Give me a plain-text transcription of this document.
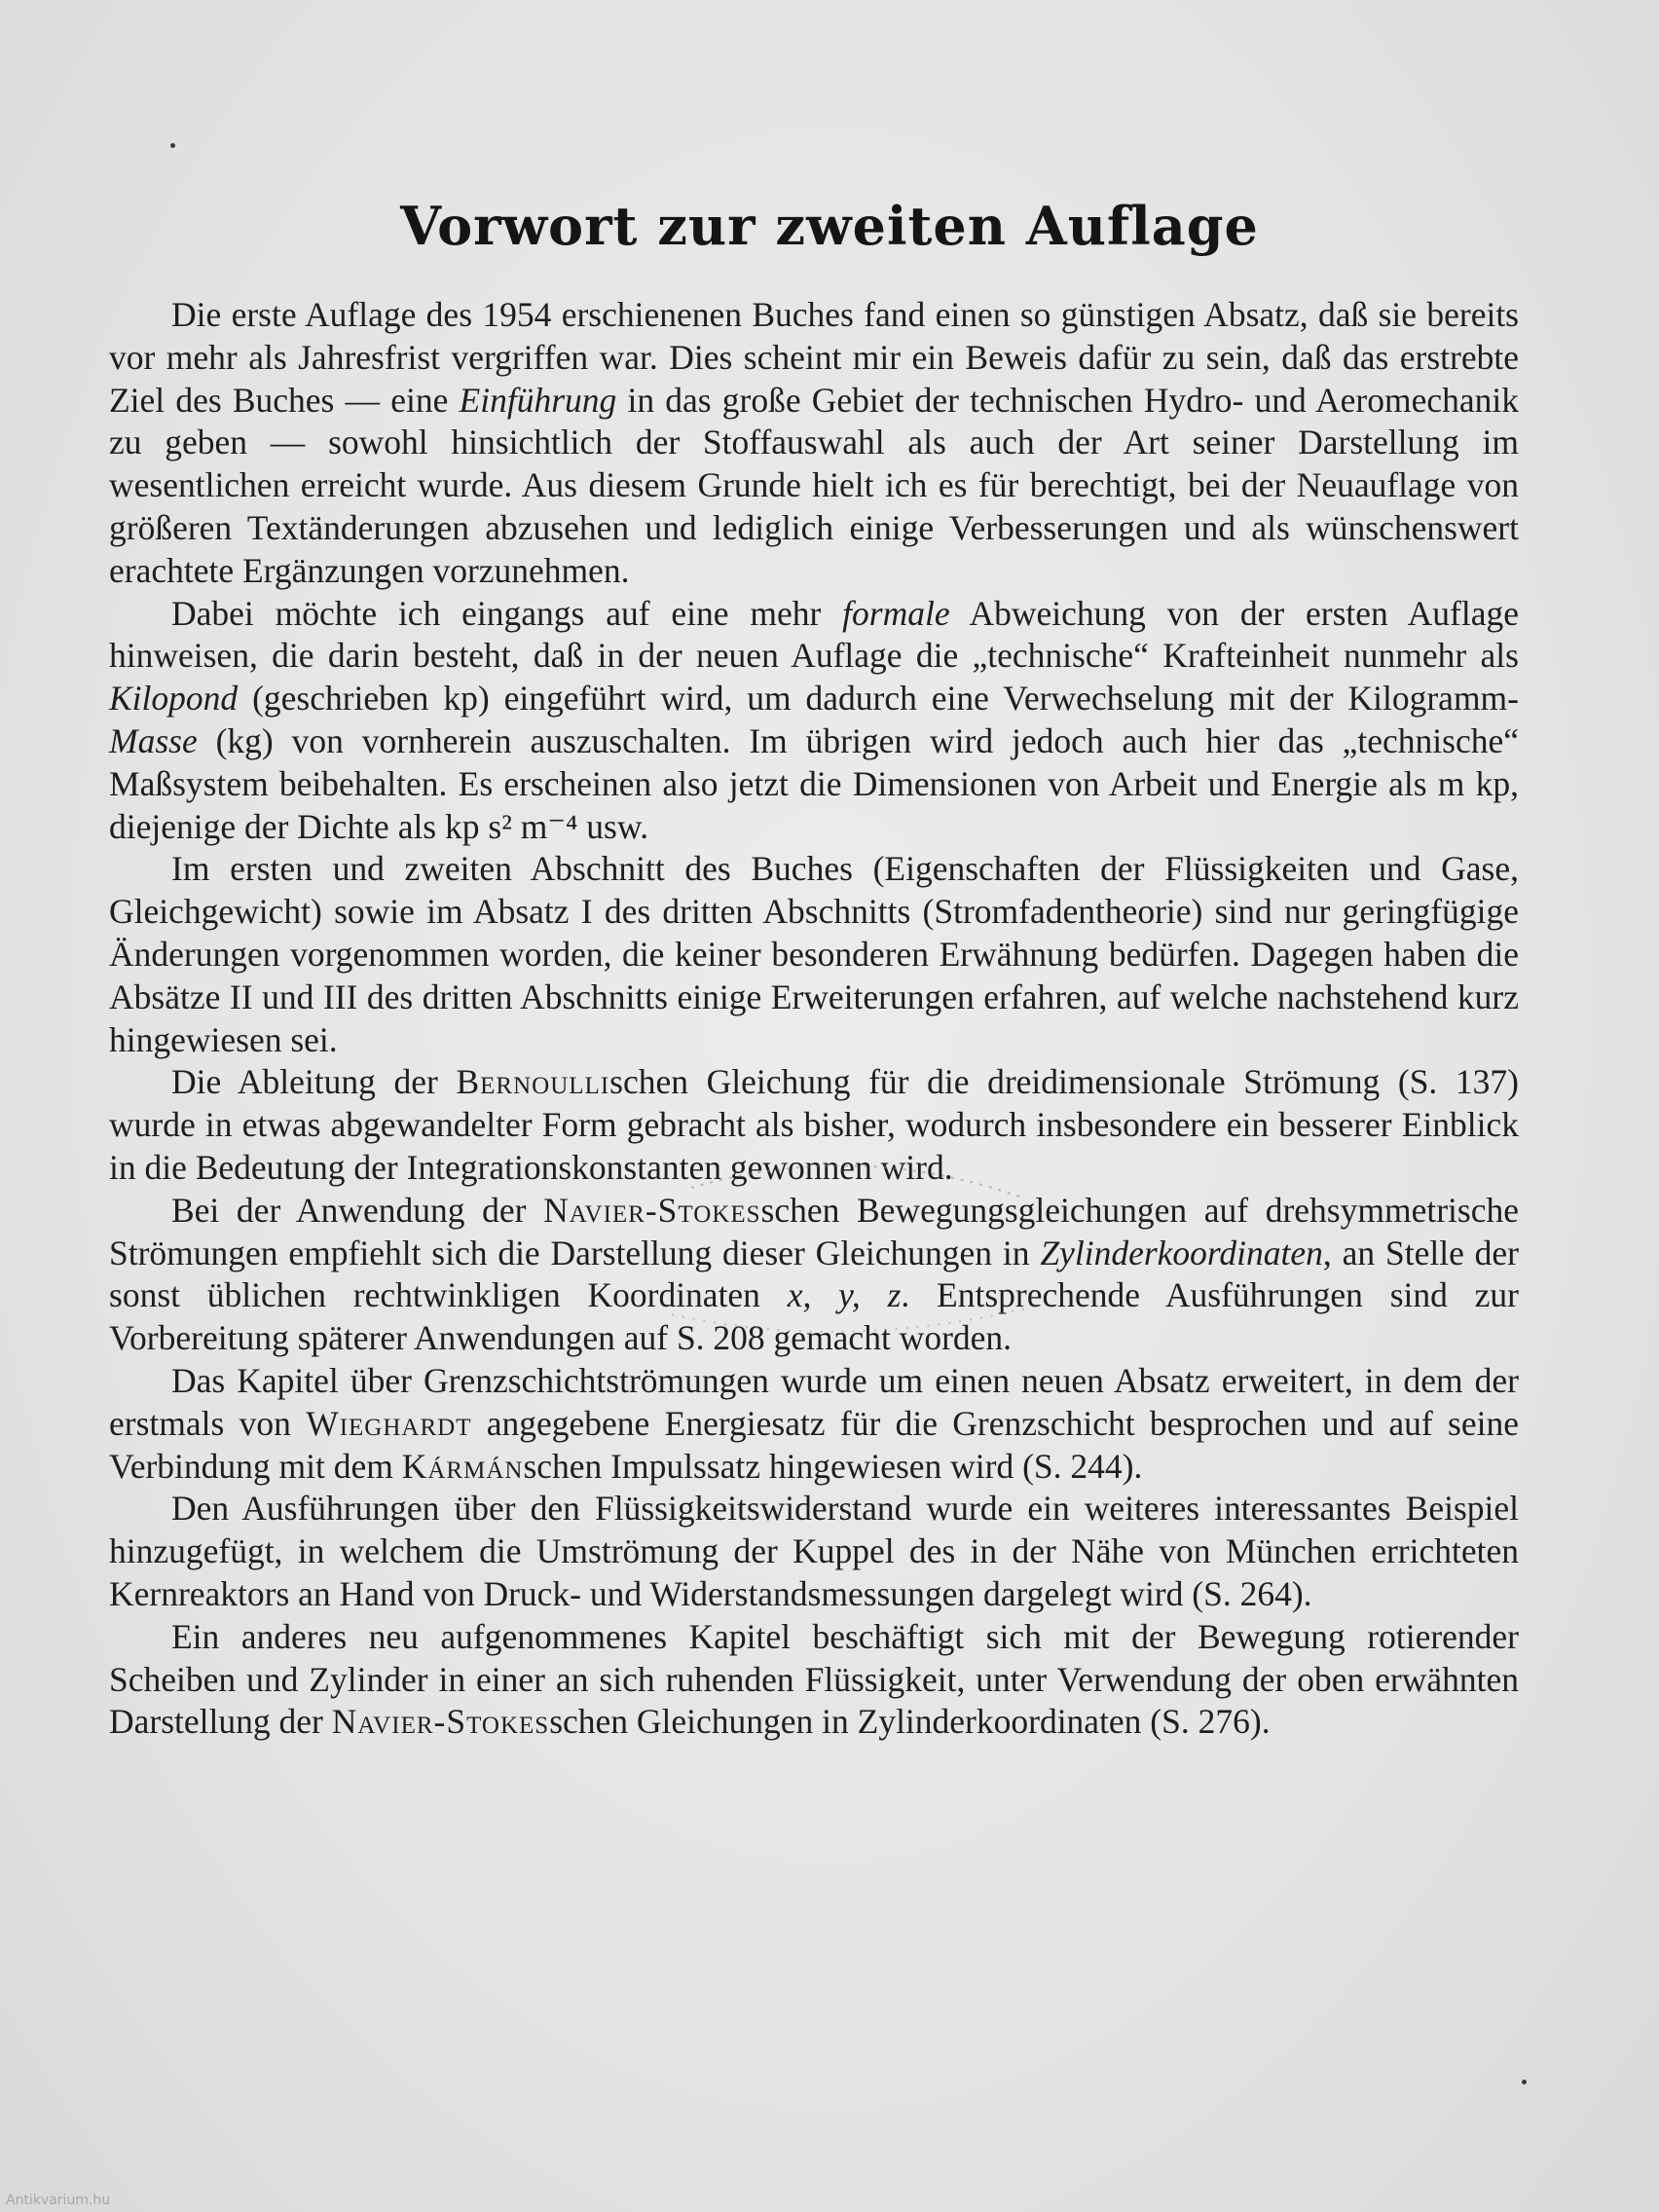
Vorwort zur zweiten Auflage

Die erste Auflage des 1954 erschienenen Buches fand einen so günstigen Absatz, daß sie bereits vor mehr als Jahresfrist vergriffen war. Dies scheint mir ein Beweis dafür zu sein, daß das erstrebte Ziel des Buches — eine Einführung in das große Gebiet der technischen Hydro- und Aeromechanik zu geben — sowohl hinsichtlich der Stoffauswahl als auch der Art seiner Darstellung im wesentlichen erreicht wurde. Aus diesem Grunde hielt ich es für berechtigt, bei der Neuauflage von größeren Textänderungen abzusehen und lediglich einige Verbesserungen und als wünschenswert erachtete Ergänzungen vorzunehmen.

Dabei möchte ich eingangs auf eine mehr formale Abweichung von der ersten Auflage hinweisen, die darin besteht, daß in der neuen Auflage die „technische“ Krafteinheit nunmehr als Kilopond (geschrieben kp) eingeführt wird, um dadurch eine Verwechselung mit der Kilogramm-Masse (kg) von vornherein auszuschalten. Im übrigen wird jedoch auch hier das „technische“ Maßsystem beibehalten. Es erscheinen also jetzt die Dimensionen von Arbeit und Energie als m kp, diejenige der Dichte als kp s² m⁻⁴ usw.

Im ersten und zweiten Abschnitt des Buches (Eigenschaften der Flüssigkeiten und Gase, Gleichgewicht) sowie im Absatz I des dritten Abschnitts (Stromfadentheorie) sind nur geringfügige Änderungen vorgenommen worden, die keiner besonderen Erwähnung bedürfen. Dagegen haben die Absätze II und III des dritten Abschnitts einige Erweiterungen erfahren, auf welche nachstehend kurz hingewiesen sei.

Die Ableitung der Bernoullischen Gleichung für die dreidimensionale Strömung (S. 137) wurde in etwas abgewandelter Form gebracht als bisher, wodurch insbesondere ein besserer Einblick in die Bedeutung der Integrationskonstanten gewonnen wird.

Bei der Anwendung der Navier-Stokesschen Bewegungsgleichungen auf drehsymmetrische Strömungen empfiehlt sich die Darstellung dieser Gleichungen in Zylinderkoordinaten, an Stelle der sonst üblichen rechtwinkligen Koordinaten x, y, z. Entsprechende Ausführungen sind zur Vorbereitung späterer Anwendungen auf S. 208 gemacht worden.

Das Kapitel über Grenzschichtströmungen wurde um einen neuen Absatz erweitert, in dem der erstmals von Wieghardt angegebene Energiesatz für die Grenzschicht besprochen und auf seine Verbindung mit dem Kármánschen Impulssatz hingewiesen wird (S. 244).

Den Ausführungen über den Flüssigkeitswiderstand wurde ein weiteres interessantes Beispiel hinzugefügt, in welchem die Umströmung der Kuppel des in der Nähe von München errichteten Kernreaktors an Hand von Druck- und Widerstandsmessungen dargelegt wird (S. 264).

Ein anderes neu aufgenommenes Kapitel beschäftigt sich mit der Bewegung rotierender Scheiben und Zylinder in einer an sich ruhenden Flüssigkeit, unter Verwendung der oben erwähnten Darstellung der Navier-Stokesschen Gleichungen in Zylinderkoordinaten (S. 276).

Antikvarium.hu
